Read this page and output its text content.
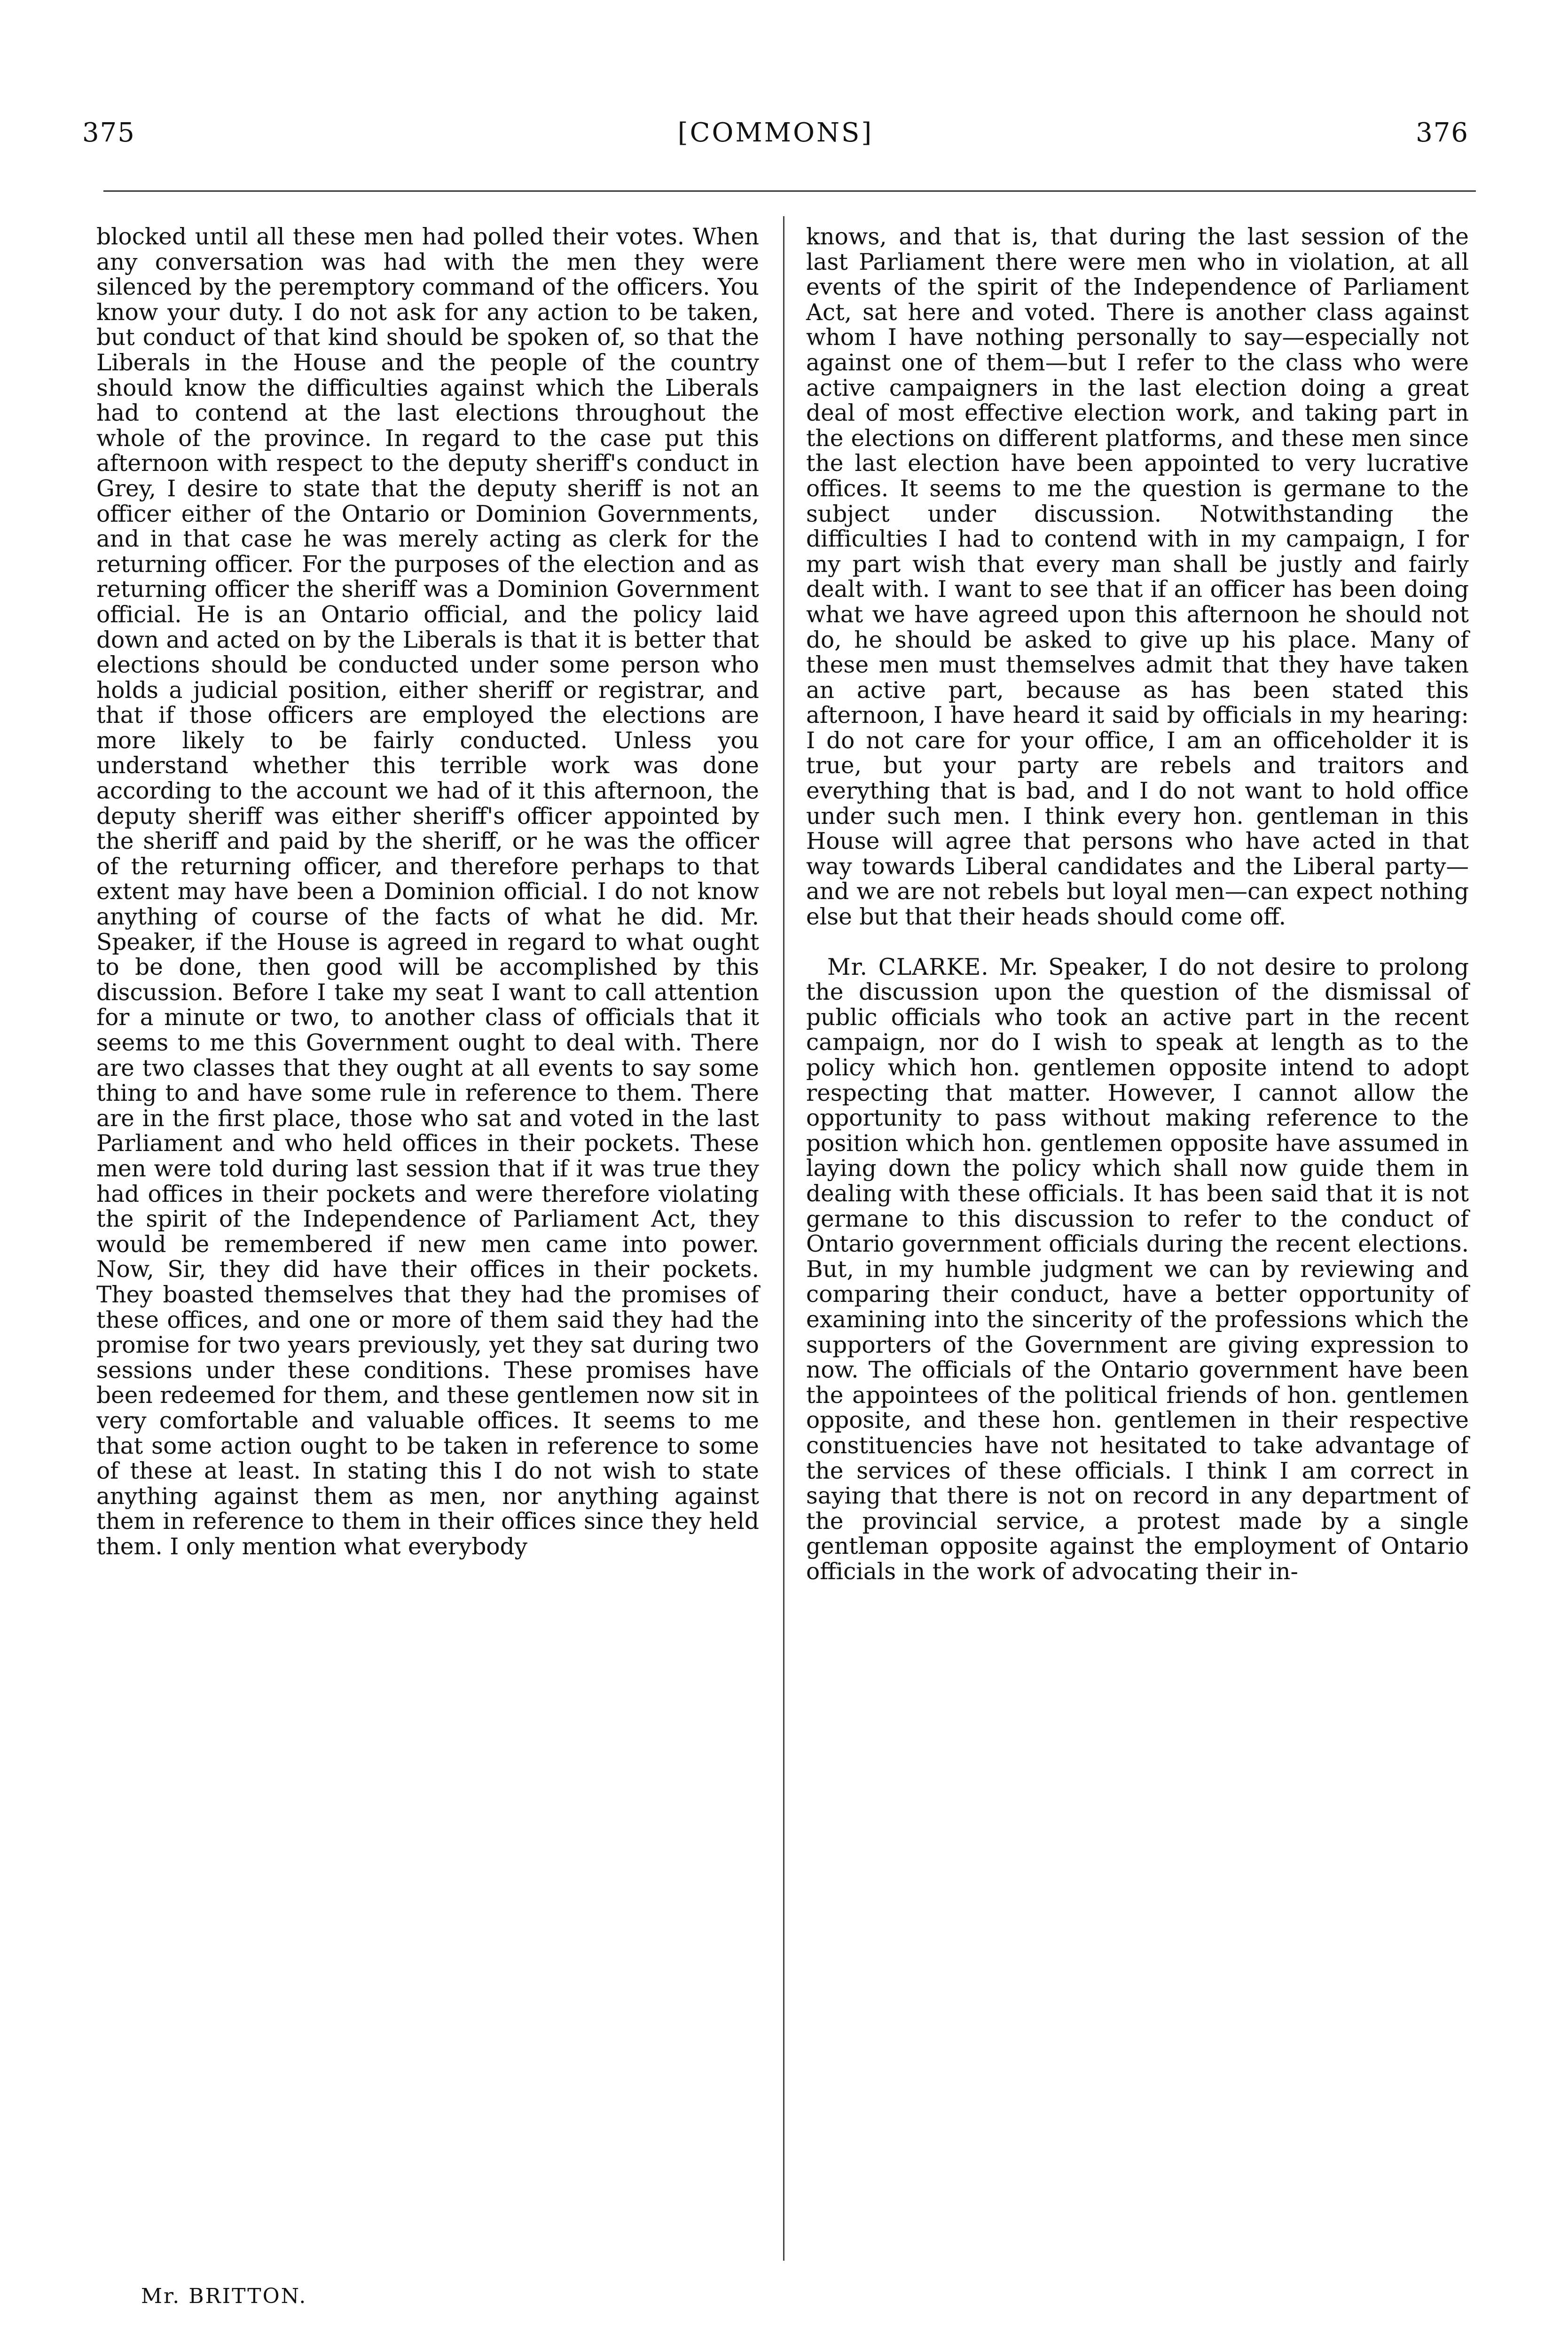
375	[COMMONS]	376

blocked until all these men had polled their votes. When any conversation was had with the men they were silenced by the peremptory command of the officers. You know your duty. I do not ask for any action to be taken, but conduct of that kind should be spoken of, so that the Liberals in the House and the people of the country should know the difficulties against which the Liberals had to contend at the last elections throughout the whole of the province. In regard to the case put this afternoon with respect to the deputy sheriff's conduct in Grey, I desire to state that the deputy sheriff is not an officer either of the Ontario or Dominion Governments, and in that case he was merely acting as clerk for the returning officer. For the purposes of the election and as returning officer the sheriff was a Dominion Government official. He is an Ontario official, and the policy laid down and acted on by the Liberals is that it is better that elections should be conducted under some person who holds a judicial position, either sheriff or registrar, and that if those officers are employed the elections are more likely to be fairly conducted. Unless you understand whether this terrible work was done according to the account we had of it this afternoon, the deputy sheriff was either sheriff's officer appointed by the sheriff and paid by the sheriff, or he was the officer of the returning officer, and therefore perhaps to that extent may have been a Dominion official. I do not know anything of course of the facts of what he did. Mr. Speaker, if the House is agreed in regard to what ought to be done, then good will be accomplished by this discussion. Before I take my seat I want to call attention for a minute or two, to another class of officials that it seems to me this Government ought to deal with. There are two classes that they ought at all events to say some thing to and have some rule in reference to them. There are in the first place, those who sat and voted in the last Parliament and who held offices in their pockets. These men were told during last session that if it was true they had offices in their pockets and were therefore violating the spirit of the Independence of Parliament Act, they would be remembered if new men came into power. Now, Sir, they did have their offices in their pockets. They boasted themselves that they had the promises of these offices, and one or more of them said they had the promise for two years previously, yet they sat during two sessions under these conditions. These promises have been redeemed for them, and these gentlemen now sit in very comfortable and valuable offices. It seems to me that some action ought to be taken in reference to some of these at least. In stating this I do not wish to state anything against them as men, nor anything against them in reference to them in their offices since they held them. I only mention what everybody

knows, and that is, that during the last session of the last Parliament there were men who in violation, at all events of the spirit of the Independence of Parliament Act, sat here and voted. There is another class against whom I have nothing personally to say—especially not against one of them—but I refer to the class who were active campaigners in the last election doing a great deal of most effective election work, and taking part in the elections on different platforms, and these men since the last election have been appointed to very lucrative offices. It seems to me the question is germane to the subject under discussion. Notwithstanding the difficulties I had to contend with in my campaign, I for my part wish that every man shall be justly and fairly dealt with. I want to see that if an officer has been doing what we have agreed upon this afternoon he should not do, he should be asked to give up his place. Many of these men must themselves admit that they have taken an active part, because as has been stated this afternoon, I have heard it said by officials in my hearing: I do not care for your office, I am an officeholder it is true, but your party are rebels and traitors and everything that is bad, and I do not want to hold office under such men. I think every hon. gentleman in this House will agree that persons who have acted in that way towards Liberal candidates and the Liberal party—and we are not rebels but loyal men—can expect nothing else but that their heads should come off.

Mr. CLARKE. Mr. Speaker, I do not desire to prolong the discussion upon the question of the dismissal of public officials who took an active part in the recent campaign, nor do I wish to speak at length as to the policy which hon. gentlemen opposite intend to adopt respecting that matter. However, I cannot allow the opportunity to pass without making reference to the position which hon. gentlemen opposite have assumed in laying down the policy which shall now guide them in dealing with these officials. It has been said that it is not germane to this discussion to refer to the conduct of Ontario government officials during the recent elections. But, in my humble judgment we can by reviewing and comparing their conduct, have a better opportunity of examining into the sincerity of the professions which the supporters of the Government are giving expression to now. The officials of the Ontario government have been the appointees of the political friends of hon. gentlemen opposite, and these hon. gentlemen in their respective constituencies have not hesitated to take advantage of the services of these officials. I think I am correct in saying that there is not on record in any department of the provincial service, a protest made by a single gentleman opposite against the employment of Ontario officials in the work of advocating their in-

Mr. BRITTON.
